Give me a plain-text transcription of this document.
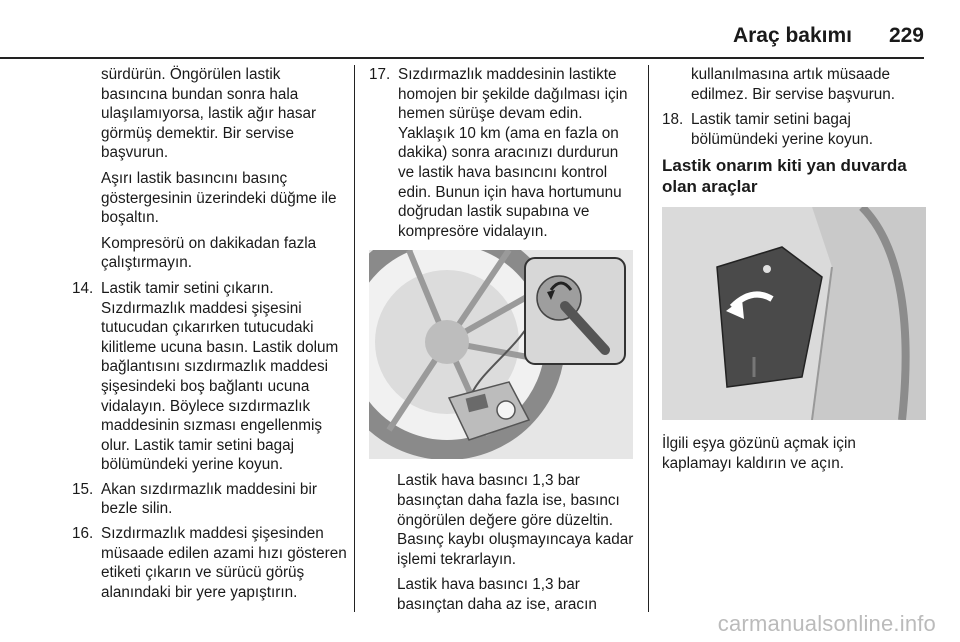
Araç bakımı 229

sürdürün. Öngörülen lastik basıncına bundan sonra hala ulaşılamıyorsa, lastik ağır hasar görmüş demektir. Bir servise başvurun.

Aşırı lastik basıncını basınç göstergesinin üzerindeki düğme ile boşaltın.

Kompresörü on dakikadan fazla çalıştırmayın.

14. Lastik tamir setini çıkarın. Sızdırmazlık maddesi şişesini tutucudan çıkarırken tutucudaki kilitleme ucuna basın. Lastik dolum bağlantısını sızdırmazlık maddesi şişesindeki boş bağlantı ucuna vidalayın. Böylece sızdırmazlık maddesinin sızması engellenmiş olur. Lastik tamir setini bagaj bölümündeki yerine koyun.
15. Akan sızdırmazlık maddesini bir bezle silin.
16. Sızdırmazlık maddesi şişesinden müsaade edilen azami hızı gösteren etiketi çıkarın ve sürücü görüş alanındaki bir yere yapıştırın.
17. Sızdırmazlık maddesinin lastikte homojen bir şekilde dağılması için hemen sürüşe devam edin. Yaklaşık 10 km (ama en fazla on dakika) sonra aracınızı durdurun ve lastik hava basıncını kontrol edin. Bunun için hava hortumunu doğrudan lastik supabına ve kompresöre vidalayın.

Lastik hava basıncı 1,3 bar basınçtan daha fazla ise, basıncı öngörülen değere göre düzeltin. Basınç kaybı oluşmayıncaya kadar işlemi tekrarlayın.

Lastik hava basıncı 1,3 bar basınçtan daha az ise, aracın

kullanılmasına artık müsaade edilmez. Bir servise başvurun.

18. Lastik tamir setini bagaj bölümündeki yerine koyun.
Lastik onarım kiti yan duvarda olan araçlar

İlgili eşya gözünü açmak için kaplamayı kaldırın ve açın.

carmanualsonline.info
